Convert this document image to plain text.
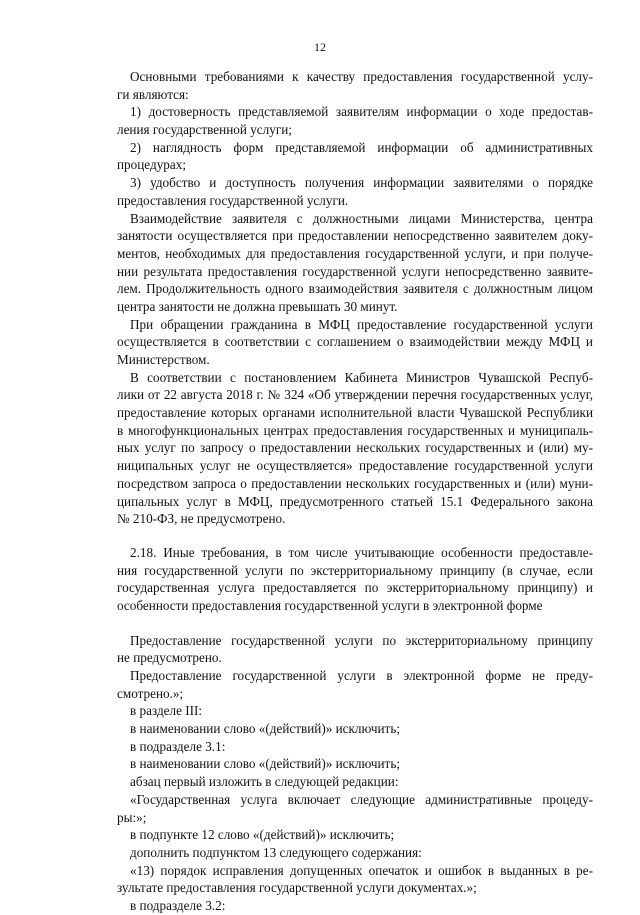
12
Основными требованиями к качеству предоставления государственной услу-
ги являются:
1) достоверность представляемой заявителям информации о ходе предостав-
ления государственной услуги;
2) наглядность форм представляемой информации об административных
процедурах;
3) удобство и доступность получения информации заявителями о порядке
предоставления государственной услуги.
Взаимодействие заявителя с должностными лицами Министерства, центра
занятости осуществляется при предоставлении непосредственно заявителем доку-
ментов, необходимых для предоставления государственной услуги, и при получе-
нии результата предоставления государственной услуги непосредственно заявите-
лем. Продолжительность одного взаимодействия заявителя с должностным лицом
центра занятости не должна превышать 30 минут.
При обращении гражданина в МФЦ предоставление государственной услуги
осуществляется в соответствии с соглашением о взаимодействии между МФЦ и
Министерством.
В соответствии с постановлением Кабинета Министров Чувашской Респуб-
лики от 22 августа 2018 г. № 324 «Об утверждении перечня государственных услуг,
предоставление которых органами исполнительной власти Чувашской Республики
в многофункциональных центрах предоставления государственных и муниципаль-
ных услуг по запросу о предоставлении нескольких государственных и (или) му-
ниципальных услуг не осуществляется» предоставление государственной услуги
посредством запроса о предоставлении нескольких государственных и (или) муни-
ципальных услуг в МФЦ, предусмотренного статьей 15.1 Федерального закона
№ 210-ФЗ, не предусмотрено.
2.18. Иные требования, в том числе учитывающие особенности предоставле-
ния государственной услуги по экстерриториальному принципу (в случае, если
государственная услуга предоставляется по экстерриториальному принципу) и
особенности предоставления государственной услуги в электронной форме
Предоставление государственной услуги по экстерриториальному принципу
не предусмотрено.
Предоставление государственной услуги в электронной форме не преду-
смотрено.»;
в разделе III:
в наименовании слово «(действий)» исключить;
в подразделе 3.1:
в наименовании слово «(действий)» исключить;
абзац первый изложить в следующей редакции:
«Государственная услуга включает следующие административные процеду-
ры:»;
в подпункте 12 слово «(действий)» исключить;
дополнить подпунктом 13 следующего содержания:
«13) порядок исправления допущенных опечаток и ошибок в выданных в ре-
зультате предоставления государственной услуги документах.»;
в подразделе 3.2:
